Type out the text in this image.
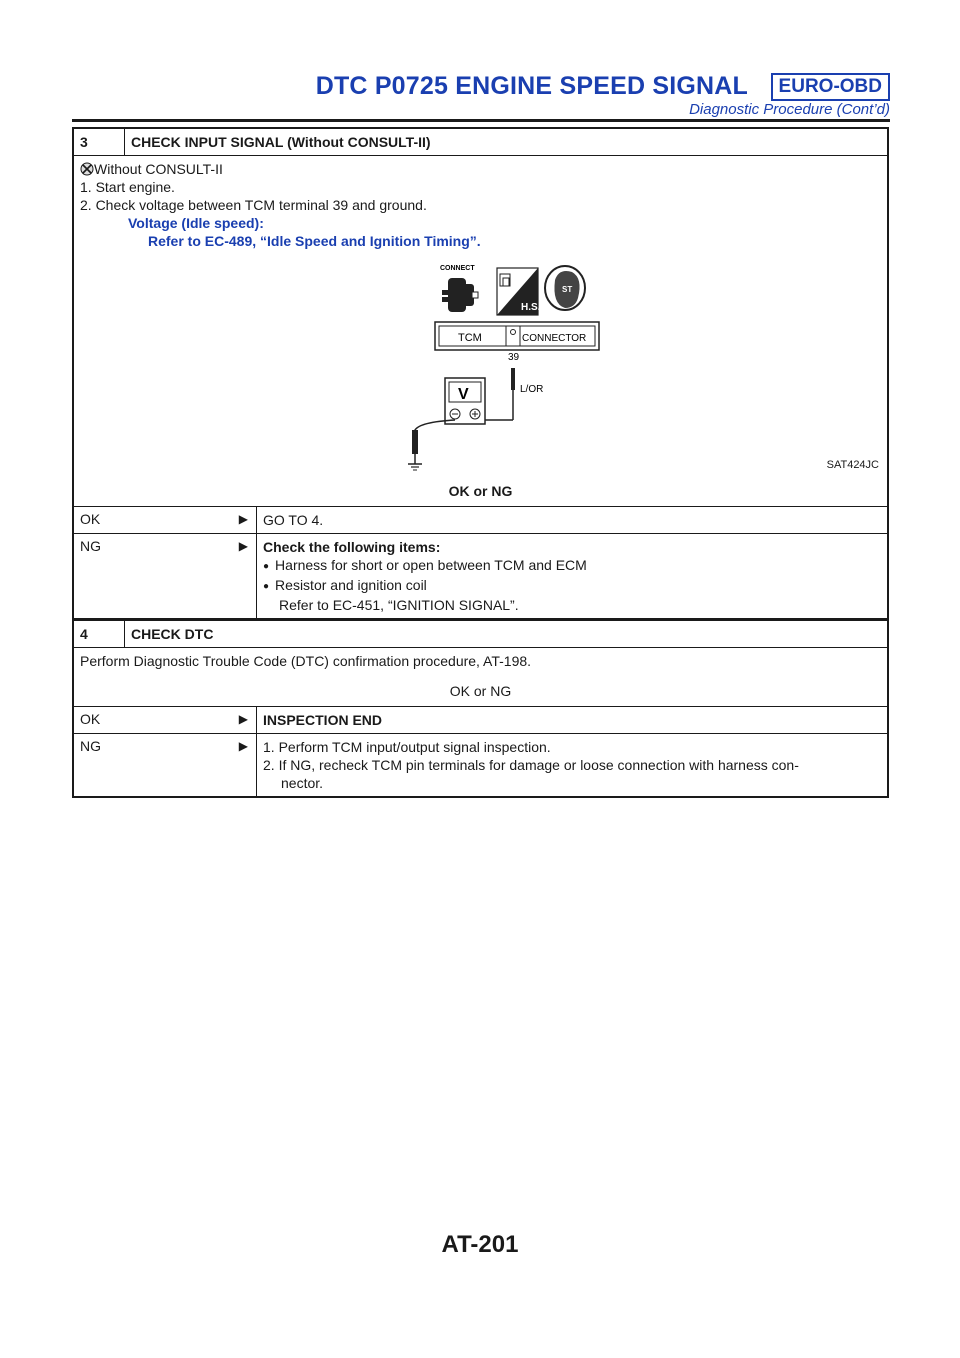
DTC P0725 ENGINE SPEED SIGNAL	EURO-OBD
Diagnostic Procedure (Cont’d)
3	CHECK INPUT SIGNAL (Without CONSULT-II)
Without CONSULT-II
1. Start engine.
2. Check voltage between TCM terminal 39 and ground.
Voltage (Idle speed):
Refer to EC-489, “Idle Speed and Ignition Timing”.
CONNECT
H.S.
ST
TCM	CONNECTOR
39
L/OR
V
SAT424JC
OK or NG
OK	▶	GO TO 4.
NG	▶ Check the following items:
● Harness for short or open between TCM and ECM
● Resistor and ignition coil
Refer to EC-451, “IGNITION SIGNAL”.
4	CHECK DTC
Perform Diagnostic Trouble Code (DTC) confirmation procedure, AT-198.
OK or NG
OK	▶	INSPECTION END
NG	▶ 1. Perform TCM input/output signal inspection.
2. If NG, recheck TCM pin terminals for damage or loose connection with harness con-
nector.
AT-201
